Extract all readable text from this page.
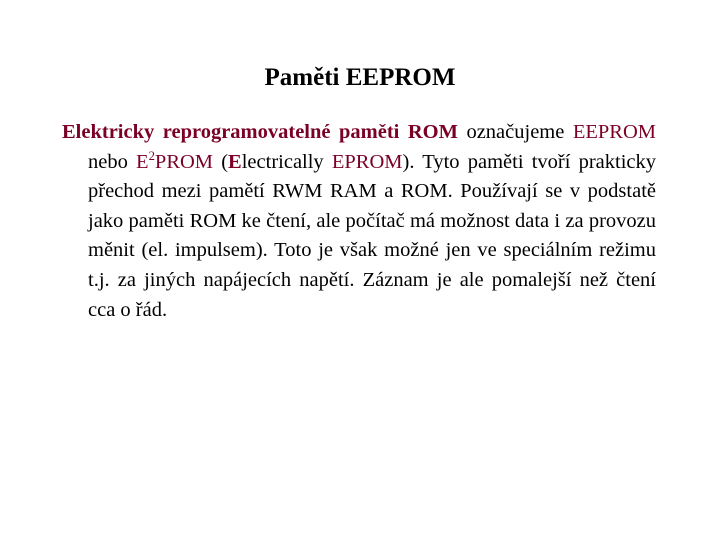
Paměti EEPROM

Elektricky reprogramovatelné paměti ROM označujeme EEPROM nebo $E^2PROM$ (Electrically EPROM). Tyto paměti tvoří prakticky přechod mezi pamětí RWM RAM a ROM. Používají se v podstatě jako paměti ROM ke čtení, ale počítač má možnost data i za provozu měnit (el. impulsem). Toto je však možné jen ve speciálním režimu t.j. za jiných napájecích napětí. Záznam je ale pomalejší než čtení cca o řád.
